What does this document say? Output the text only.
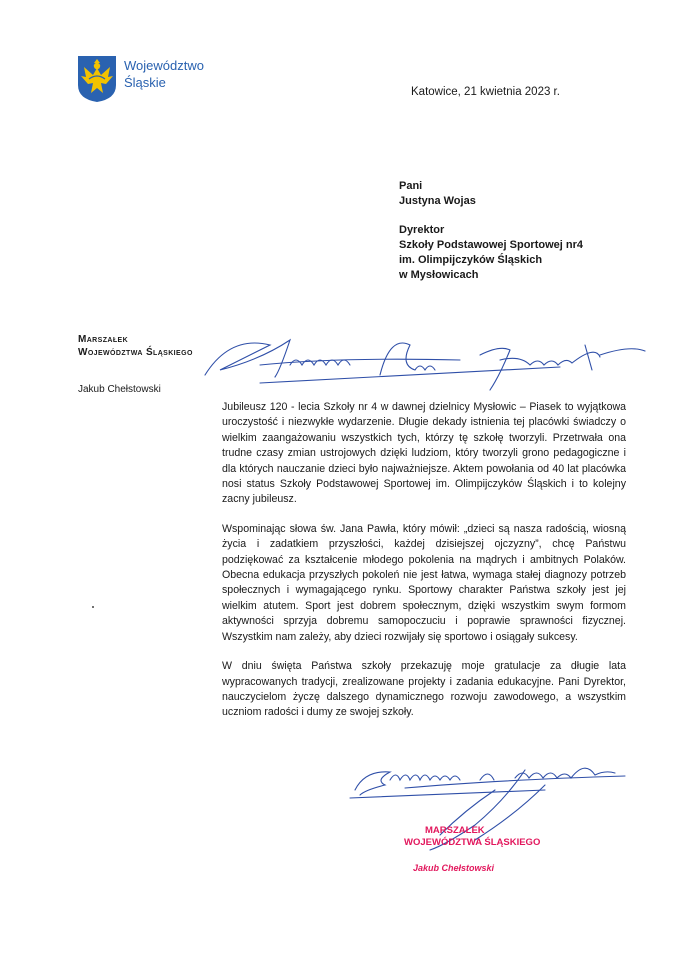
Województwo
Śląskie
Katowice, 21 kwietnia 2023 r.
Pani
Justyna Wojas
Dyrektor
Szkoły Podstawowej Sportowej nr4
im. Olimpijczyków Śląskich
w Mysłowicach
Marszałek
Województwa Śląskiego
Jakub Chełstowski

Jubileusz 120 - lecia Szkoły nr 4 w dawnej dzielnicy Mysłowic – Piasek to wyjątkowa uroczystość i niezwykłe wydarzenie. Długie dekady istnienia tej placówki świadczy o wielkim zaangażowaniu wszystkich tych, którzy tę szkołę tworzyli. Przetrwała ona trudne czasy zmian ustrojowych dzięki ludziom, który tworzyli grono pedagogiczne i dla których nauczanie dzieci było najważniejsze. Aktem powołania od 40 lat placówka nosi status Szkoły Podstawowej Sportowej im. Olimpijczyków Śląskich i to kolejny zacny jubileusz.

Wspominając słowa św. Jana Pawła, który mówił: „dzieci są nasza radością, wiosną życia i zadatkiem przyszłości, każdej dzisiejszej ojczyzny”, chcę Państwu podziękować za kształcenie młodego pokolenia na mądrych i ambitnych Polaków. Obecna edukacja przyszłych pokoleń nie jest łatwa, wymaga stałej diagnozy potrzeb społecznych i wymagającego rynku. Sportowy charakter Państwa szkoły jest jej wielkim atutem. Sport jest dobrem społecznym, dzięki wszystkim swym formom aktywności sprzyja dobremu samopoczuciu i poprawie sprawności fizycznej. Wszystkim nam zależy, aby dzieci rozwijały się sportowo i osiągały sukcesy.

W dniu święta Państwa szkoły przekazuję moje gratulacje za długie lata wypracowanych tradycji, zrealizowane projekty i zadania edukacyjne. Pani Dyrektor, nauczycielom życzę dalszego dynamicznego rozwoju zawodowego, a wszystkim uczniom radości i dumy ze swojej szkoły.

MARSZAŁEK
WOJEWÓDZTWA ŚLĄSKIEGO
Jakub Chełstowski
